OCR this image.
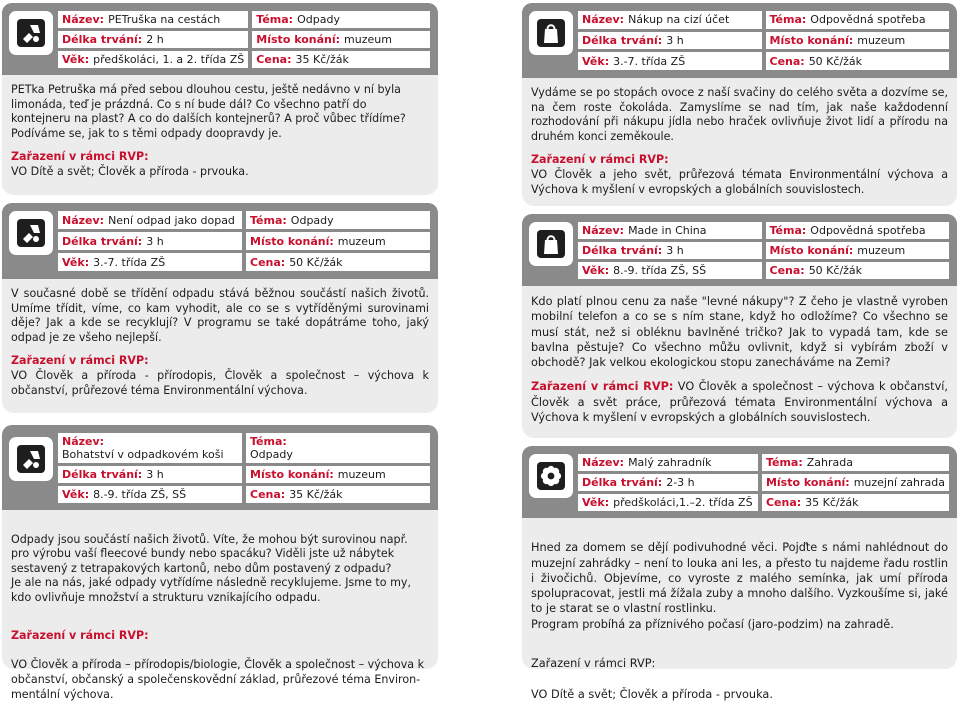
Název: PETruška na cestách	Téma: Odpady
Délka trvání: 2 h	Místo konání: muzeum
Věk: předškoláci, 1. a 2. třída ZŠ Cena: 35 Kč/žák

PETka Petruška má před sebou dlouhou cestu, ještě nedávno v ní byla limonáda, teď je prázdná. Co s ní bude dál? Co všechno patří do kontejneru na plast? A co do dalších kontejnerů? A proč vůbec třídíme? Podíváme se, jak to s těmi odpady doopravdy je.

Zařazení v rámci RVP:

VO Dítě a svět; Člověk a příroda - prvouka.

Název: Není odpad jako dopad Téma: Odpady
Délka trvání: 3 h	Místo konání: muzeum
Věk: 3.-7. třída ZŠ	Cena: 50 Kč/žák

V současné době se třídění odpadu stává běžnou součástí našich životů. Umíme třídit, víme, co kam vyhodit, ale co se s vytříděnými surovinami děje? Jak a kde se recyklují? V programu se také dopátráme toho, jaký odpad je ze všeho nejlepší.

Zařazení v rámci RVP:

VO Člověk a příroda - přírodopis, Člověk a společnost – výchova k občanství, průřezové téma Environmentální výchova.

Název:
Bohatství v odpadkovém koši
Téma:
Odpady
Délka trvání: 3 h	Místo konání: muzeum
Věk: 8.-9. třída ZŠ, SŠ	Cena: 35 Kč/žák

Odpady jsou součástí našich životů. Víte, že mohou být surovinou např. pro výrobu vaší fleecové bundy nebo spacáku? Viděli jste už nábytek sestavený z tetrapakových kartonů, nebo dům postavený z odpadu?
Je ale na nás, jaké odpady vytřídíme následně recyklujeme. Jsme to my, kdo ovlivňuje množství a strukturu vznikajícího odpadu.

Zařazení v rámci RVP:

VO Člověk a příroda – přírodopis/biologie, Člověk a společnost – výchova k občanství, občanský a společenskovědní základ, průřezové téma Environmentální výchova.

Název: Nákup na cizí účet	Téma: Odpovědná spotřeba
Délka trvání: 3 h	Místo konání: muzeum
Věk: 3.-7. třída ZŠ	Cena: 50 Kč/žák

Vydáme se po stopách ovoce z naší svačiny do celého světa a dozvíme se, na čem roste čokoláda. Zamyslíme se nad tím, jak naše každodenní rozhodování při nákupu jídla nebo hraček ovlivňuje život lidí a přírodu na druhém konci zeměkoule.

Zařazení v rámci RVP:

VO Člověk a jeho svět, průřezová témata Environmentální výchova a Výchova k myšlení v evropských a globálních souvislostech.

Název: Made in China	Téma: Odpovědná spotřeba
Délka trvání: 3 h	Místo konání: muzeum
Věk: 8.-9. třída ZŠ, SŠ	Cena: 50 Kč/žák

Kdo platí plnou cenu za naše "levné nákupy"? Z čeho je vlastně vyroben mobilní telefon a co se s ním stane, když ho odložíme? Co všechno se musí stát, než si obléknu bavlněné tričko? Jak to vypadá tam, kde se bavlna pěstuje? Co všechno můžu ovlivnit, když si vybírám zboží v obchodě? Jak velkou ekologickou stopu zanecháváme na Zemi?

Zařazení v rámci RVP: VO Člověk a společnost – výchova k občanství, Člověk a svět práce, průřezová témata Environmentální výchova a Výchova k myšlení v evropských a globálních souvislostech.

Název: Malý zahradník	Téma: Zahrada
Délka trvání: 2-3 h	Místo konání: muzejní zahrada
Věk: předškoláci,1.–2. třída ZŠ Cena: 35 Kč/žák

Hned za domem se dějí podivuhodné věci. Pojďte s námi nahlédnout do muzejní zahrádky – není to louka ani les, a přesto tu najdeme řadu rostlin i živočichů. Objevíme, co vyroste z malého semínka, jak umí příroda spolupracovat, jestli má žížala zuby a mnoho dalšího. Vyzkoušíme si, jaké to je starat se o vlastní rostlinku.
Program probíhá za příznivého počasí (jaro-podzim) na zahradě.

Zařazení v rámci RVP:

VO Dítě a svět; Člověk a příroda - prvouka.
